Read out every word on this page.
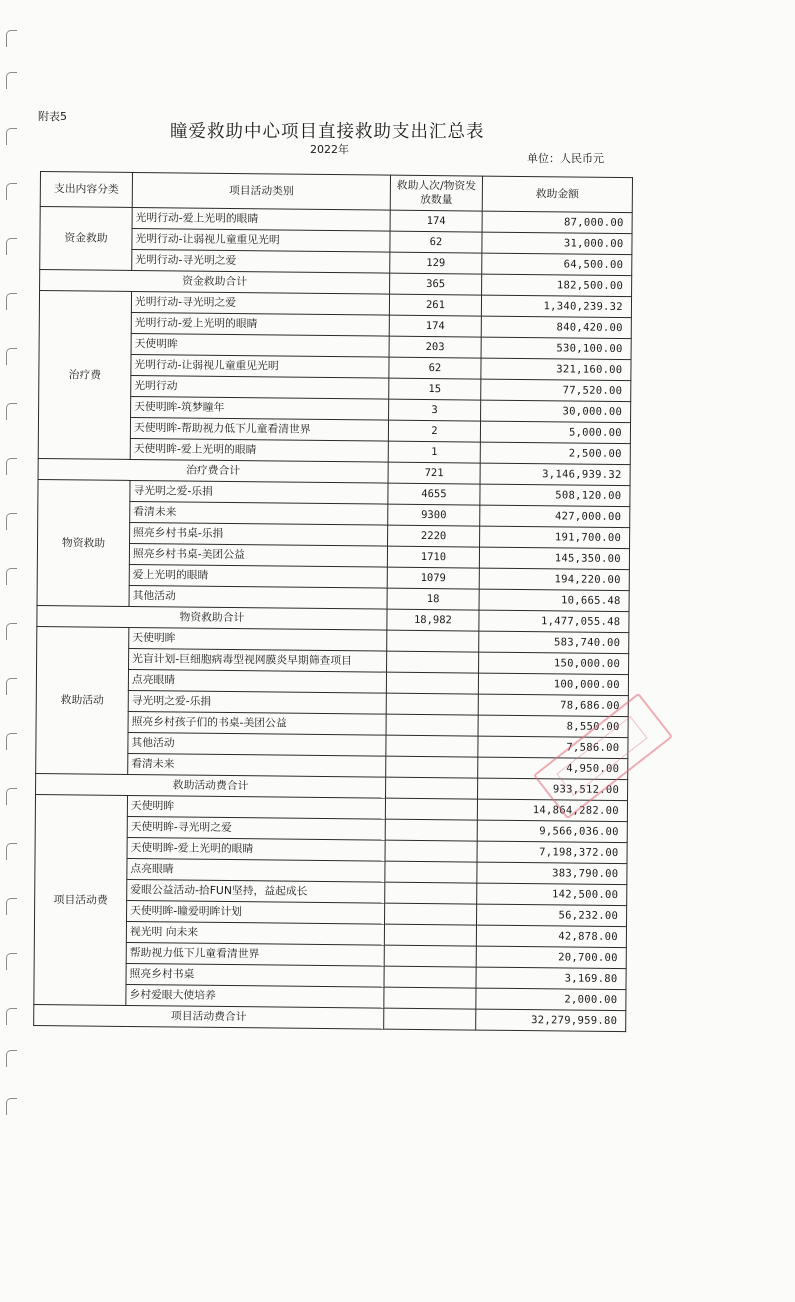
附表5
瞳爱救助中心项目直接救助支出汇总表
2022年
单位：人民币元
支出内容分类	项目活动类别	救助人次/物资发放数量	救助金额
资金救助	光明行动-爱上光明的眼睛	174	87,000.00
	光明行动-让弱视儿童重见光明	62	31,000.00
	光明行动-寻光明之爱	129	64,500.00
资金救助合计		365	182,500.00
治疗费	光明行动-寻光明之爱	261	1,340,239.32
	光明行动-爱上光明的眼睛	174	840,420.00
	天使明眸	203	530,100.00
	光明行动-让弱视儿童重见光明	62	321,160.00
	光明行动	15	77,520.00
	天使明眸-筑梦瞳年	3	30,000.00
	天使明眸-帮助视力低下儿童看清世界	2	5,000.00
	天使明眸-爱上光明的眼睛	1	2,500.00
治疗费合计		721	3,146,939.32
物资救助	寻光明之爱-乐捐	4655	508,120.00
	看清未来	9300	427,000.00
	照亮乡村书桌-乐捐	2220	191,700.00
	照亮乡村书桌-美团公益	1710	145,350.00
	爱上光明的眼睛	1079	194,220.00
	其他活动	18	10,665.48
物资救助合计		18,982	1,477,055.48
救助活动	天使明眸		583,740.00
	光盲计划-巨细胞病毒型视网膜炎早期筛查项目		150,000.00
	点亮眼睛		100,000.00
	寻光明之爱-乐捐		78,686.00
	照亮乡村孩子们的书桌-美团公益		8,550.00
	其他活动		7,586.00
	看清未来		4,950.00
救助活动费合计			933,512.00
项目活动费	天使明眸		14,864,282.00
	天使明眸-寻光明之爱		9,566,036.00
	天使明眸-爱上光明的眼睛		7,198,372.00
	点亮眼睛		383,790.00
	爱眼公益活动-拾FUN坚持，益起成长		142,500.00
	天使明眸-瞳爱明眸计划		56,232.00
	视光明 向未来		42,878.00
	帮助视力低下儿童看清世界		20,700.00
	照亮乡村书桌		3,169.80
	乡村爱眼大使培养		2,000.00
项目活动费合计			32,279,959.80
